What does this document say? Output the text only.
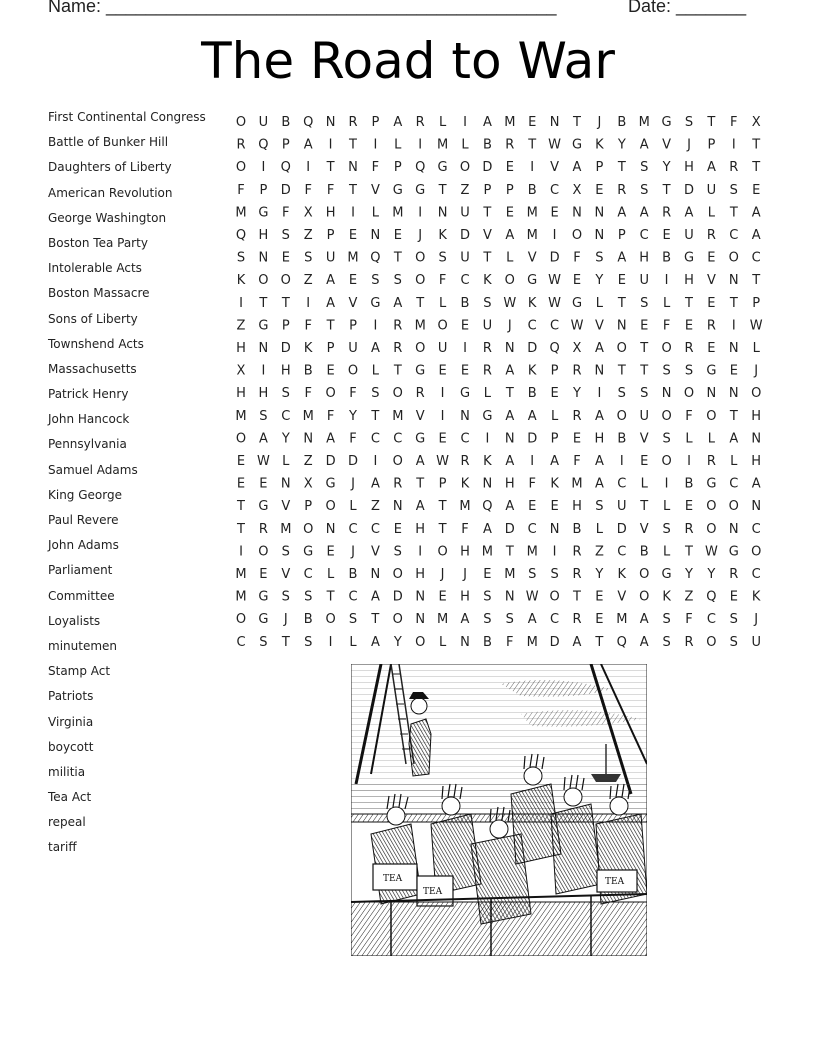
Name: _____________________________________________	Date: _______
The Road to War
First Continental Congress
Battle of Bunker Hill
Daughters of Liberty
American Revolution
George Washington
Boston Tea Party
Intolerable Acts
Boston Massacre
Sons of Liberty
Townshend Acts
Massachusetts
Patrick Henry
John Hancock
Pennsylvania
Samuel Adams
King George
Paul Revere
John Adams
Parliament
Committee
Loyalists
minutemen
Stamp Act
Patriots
Virginia
boycott
militia
Tea Act
repeal
tariff
O U B Q N R P A R L I A M E N T J B M G S T F X
R Q P A I T I L I M L B R T W G K Y A V J P I T
O I Q I T N F P Q G O D E I V A P T S Y H A R T
F P D F F T V G G T Z P P B C X E R S T D U S E
M G F X H I L M I N U T E M E N N A A R A L T A
Q H S Z P E N E J K D V A M I O N P C E U R C A
S N E S U M Q T O S U T L V D F S A H B G E O C
K O O Z A E S S O F C K O G W E Y E U I H V N T
I T T I A V G A T L B S W K W G L T S L T E T P
Z G P F T P I R M O E U J C C W V N E F E R I W
H N D K P U A R O U I R N D Q X A O T O R E N L
X I H B E O L T G E E R A K P R N T T S S G E J
H H S F O F S O R I G L T B E Y I S S N O N N O
M S C M F Y T M V I N G A A L R A O U O F O T H
O A Y N A F C C G E C I N D P E H B V S L L A N
E W L Z D D I O A W R K A I A F A I E O I R L H
E E N X G J A R T P K N H F K M A C L I B G C A
T G V P O L Z N A T M Q A E E H S U T L E O O N
T R M O N C C E H T F A D C N B L D V S R O N C
I O S G E J V S I O H M T M I R Z C B L T W G O
M E V C L B N O H J J E M S S R Y K O G Y Y R C
M G S S T C A D N E H S N W O T E V O K Z Q E K
O G J B O S T O N M A S S A C R E M A S F C S J
C S T S I L A Y O L N B F M D A T Q A S R O S U
TEA
TEA
TEA
